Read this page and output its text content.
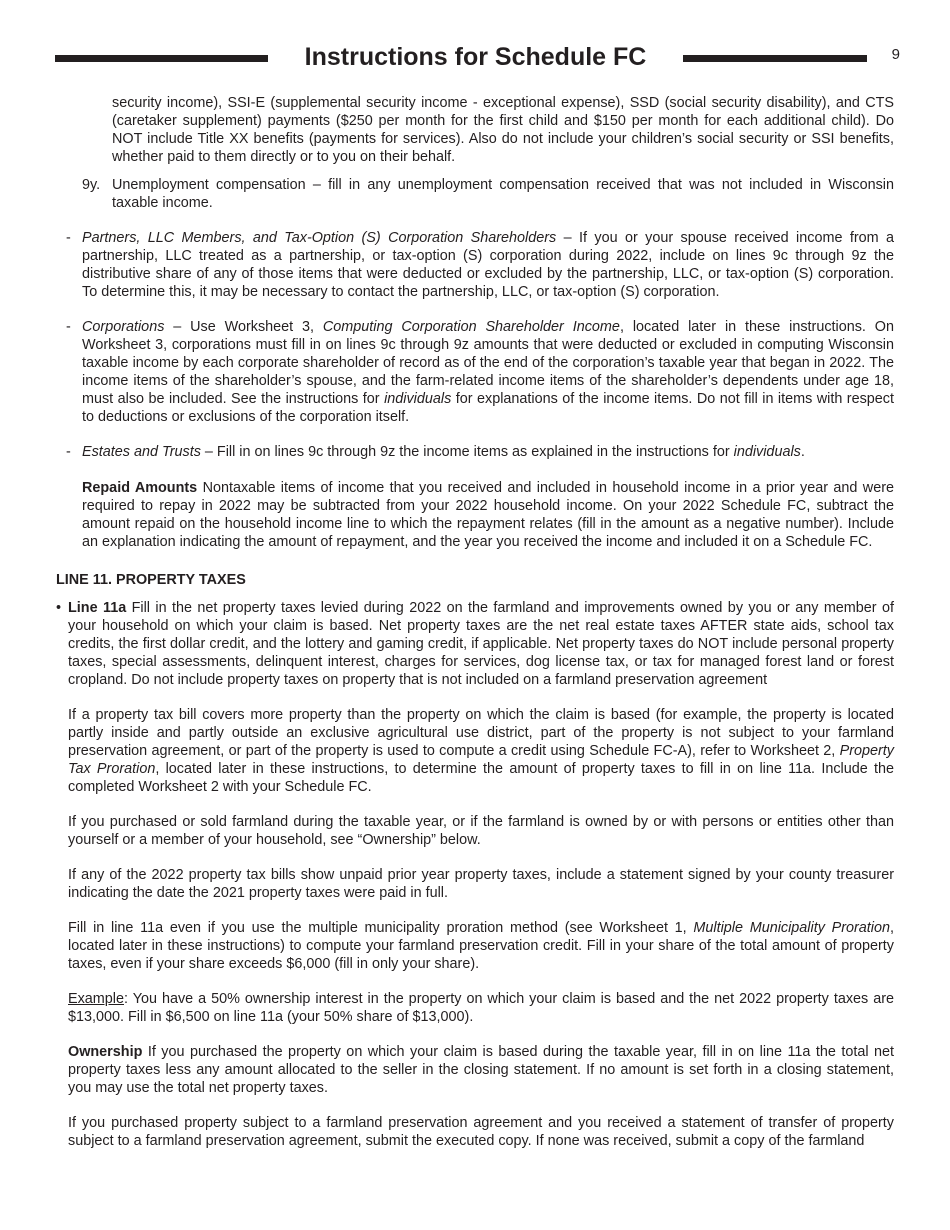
Instructions for Schedule FC	9

security income), SSI-E (supplemental security income - exceptional expense), SSD (social security disability), and CTS (caretaker supplement) payments ($250 per month for the first child and $150 per month for each additional child). Do NOT include Title XX benefits (payments for services). Also do not include your children’s social security or SSI benefits, whether paid to them directly or to you on their behalf.

9y. Unemployment compensation – fill in any unemployment compensation received that was not included in Wisconsin taxable income.

- Partners, LLC Members, and Tax-Option (S) Corporation Shareholders – If you or your spouse received income from a partnership, LLC treated as a partnership, or tax-option (S) corporation during 2022, include on lines 9c through 9z the distributive share of any of those items that were deducted or excluded by the partnership, LLC, or tax-option (S) corporation. To determine this, it may be necessary to contact the partnership, LLC, or tax-option (S) corporation.

- Corporations – Use Worksheet 3, Computing Corporation Shareholder Income, located later in these instructions. On Worksheet 3, corporations must fill in on lines 9c through 9z amounts that were deducted or excluded in computing Wisconsin taxable income by each corporate shareholder of record as of the end of the corporation’s taxable year that began in 2022. The income items of the shareholder’s spouse, and the farm-related income items of the shareholder’s dependents under age 18, must also be included. See the instructions for individuals for explanations of the income items. Do not fill in items with respect to deductions or exclusions of the corporation itself.

- Estates and Trusts – Fill in on lines 9c through 9z the income items as explained in the instructions for individuals.

Repaid Amounts Nontaxable items of income that you received and included in household income in a prior year and were required to repay in 2022 may be subtracted from your 2022 household income. On your 2022 Schedule FC, subtract the amount repaid on the household income line to which the repayment relates (fill in the amount as a negative number). Include an explanation indicating the amount of repayment, and the year you received the income and included it on a Schedule FC.

LINE 11. PROPERTY TAXES
• Line 11a Fill in the net property taxes levied during 2022 on the farmland and improvements owned by you or any member of your household on which your claim is based. Net property taxes are the net real estate taxes AFTER state aids, school tax credits, the first dollar credit, and the lottery and gaming credit, if applicable. Net property taxes do NOT include personal property taxes, special assessments, delinquent interest, charges for services, dog license tax, or tax for managed forest land or forest cropland. Do not include property taxes on property that is not included on a farmland preservation agreement

If a property tax bill covers more property than the property on which the claim is based (for example, the property is located partly inside and partly outside an exclusive agricultural use district, part of the property is not subject to your farmland preservation agreement, or part of the property is used to compute a credit using Schedule FC-A), refer to Worksheet 2, Property Tax Proration, located later in these instructions, to determine the amount of property taxes to fill in on line 11a. Include the completed Worksheet 2 with your Schedule FC.

If you purchased or sold farmland during the taxable year, or if the farmland is owned by or with persons or entities other than yourself or a member of your household, see “Ownership” below.

If any of the 2022 property tax bills show unpaid prior year property taxes, include a statement signed by your county treasurer indicating the date the 2021 property taxes were paid in full.

Fill in line 11a even if you use the multiple municipality proration method (see Worksheet 1, Multiple Municipality Proration, located later in these instructions) to compute your farmland preservation credit. Fill in your share of the total amount of property taxes, even if your share exceeds $6,000 (fill in only your share).

Example: You have a 50% ownership interest in the property on which your claim is based and the net 2022 property taxes are $13,000. Fill in $6,500 on line 11a (your 50% share of $13,000).

Ownership If you purchased the property on which your claim is based during the taxable year, fill in on line 11a the total net property taxes less any amount allocated to the seller in the closing statement. If no amount is set forth in a closing statement, you may use the total net property taxes.

If you purchased property subject to a farmland preservation agreement and you received a statement of transfer of property subject to a farmland preservation agreement, submit the executed copy. If none was received, submit a copy of the farmland
